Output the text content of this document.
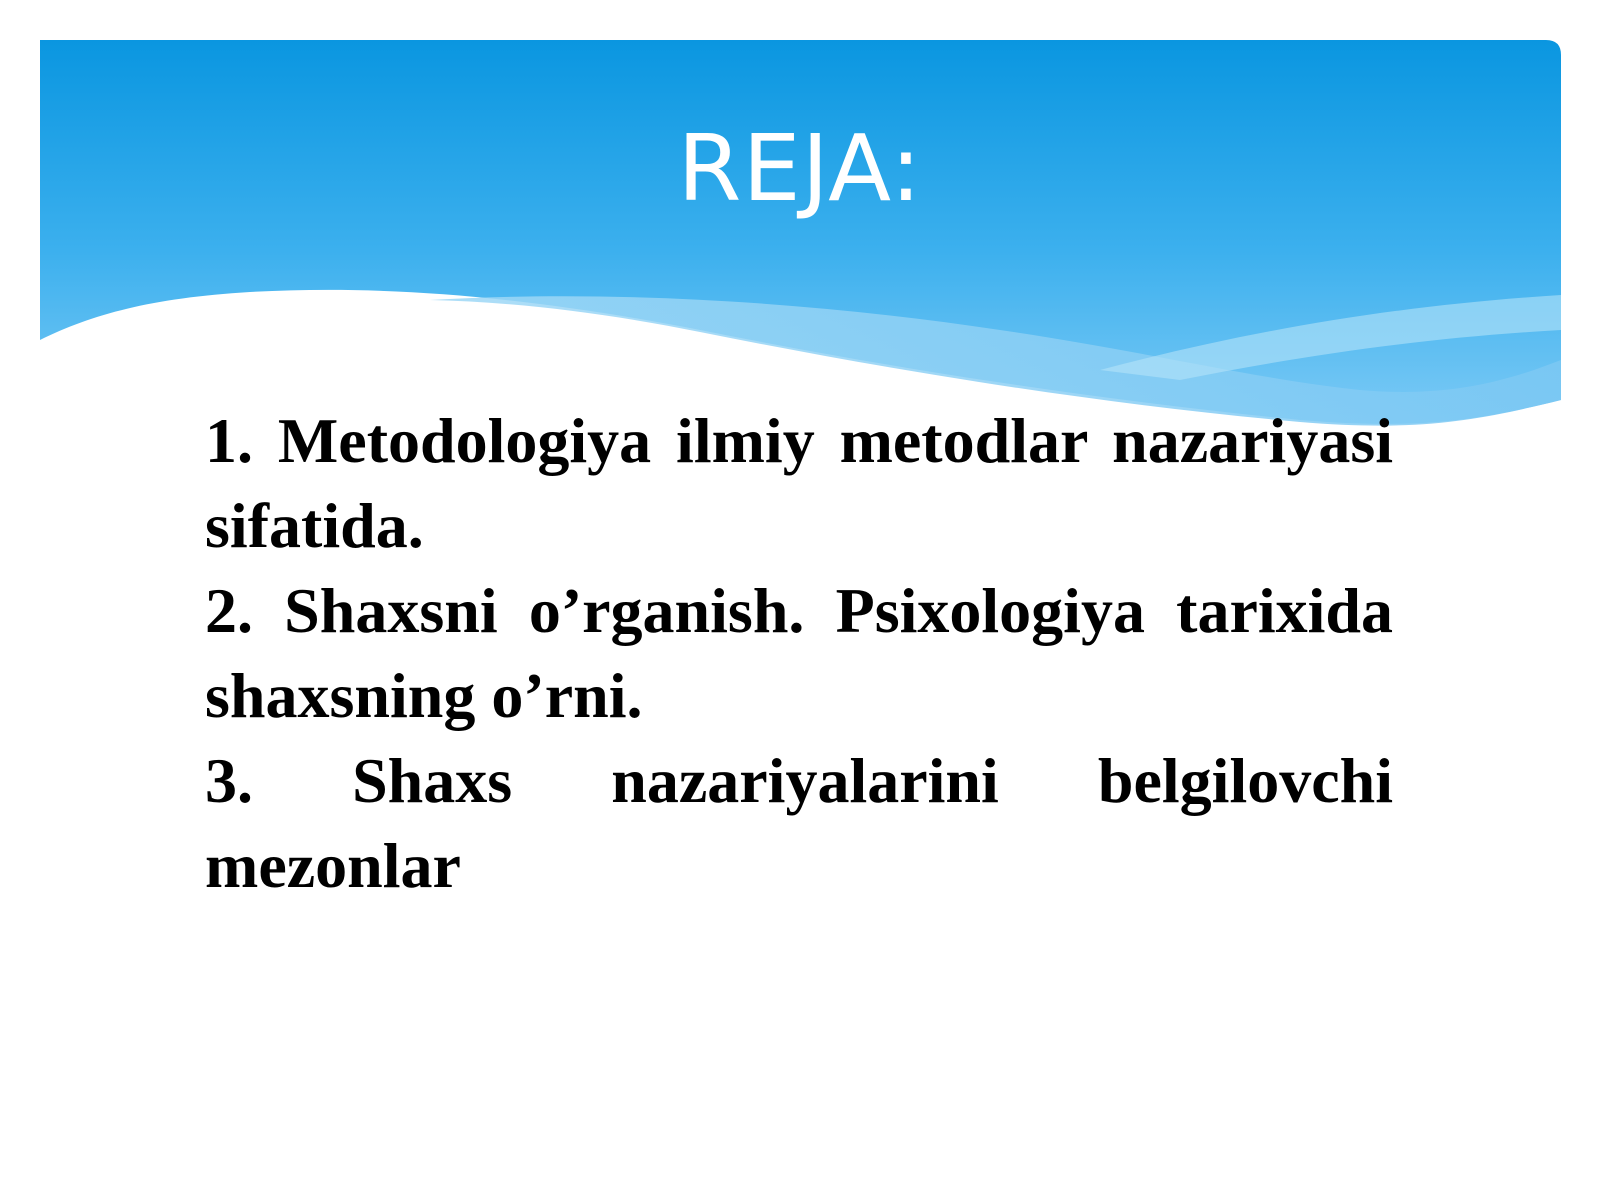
REJA:

1. Metodologiya ilmiy metodlar nazariyasi sifatida.

2. Shaxsni o’rganish. Psixologiya tarixida shaxsning o’rni.

3. Shaxs nazariyalarini belgilovchi mezonlar
